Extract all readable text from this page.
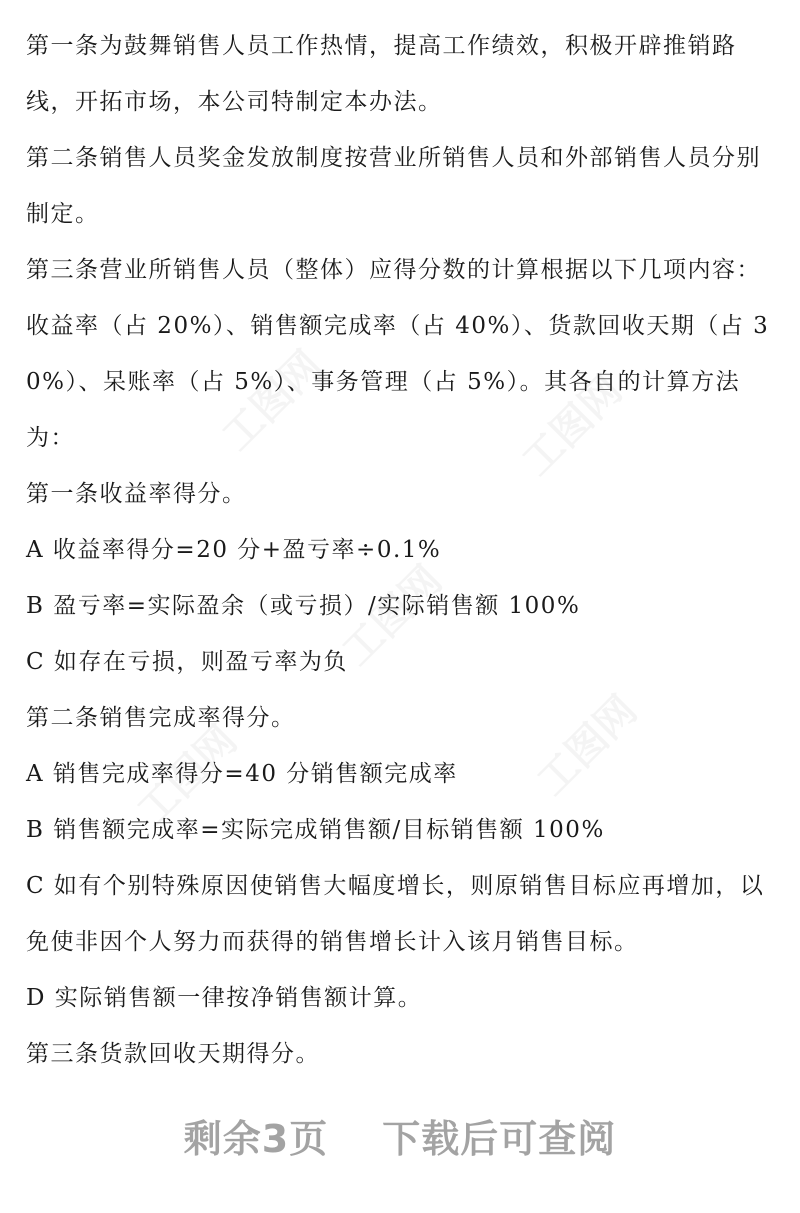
工图网	工图网
工图网
工图网
工图网

第一条为鼓舞销售人员工作热情，提高工作绩效，积极开辟推销路线，开拓市场，本公司特制定本办法。

第二条销售人员奖金发放制度按营业所销售人员和外部销售人员分别制定。

第三条营业所销售人员（整体）应得分数的计算根据以下几项内容：收益率（占 20%）、销售额完成率（占 40%）、货款回收天期（占 30%）、呆账率（占 5%）、事务管理（占 5%）。其各自的计算方法为：

第一条收益率得分。

A 收益率得分=20 分+盈亏率÷0.1%

B 盈亏率=实际盈余（或亏损）/实际销售额 100%

C 如存在亏损，则盈亏率为负

第二条销售完成率得分。

A 销售完成率得分=40 分销售额完成率

B 销售额完成率=实际完成销售额/目标销售额 100%

C 如有个别特殊原因使销售大幅度增长，则原销售目标应再增加，以免使非因个人努力而获得的销售增长计入该月销售目标。

D 实际销售额一律按净销售额计算。

第三条货款回收天期得分。

剩余3页 下载后可查阅
